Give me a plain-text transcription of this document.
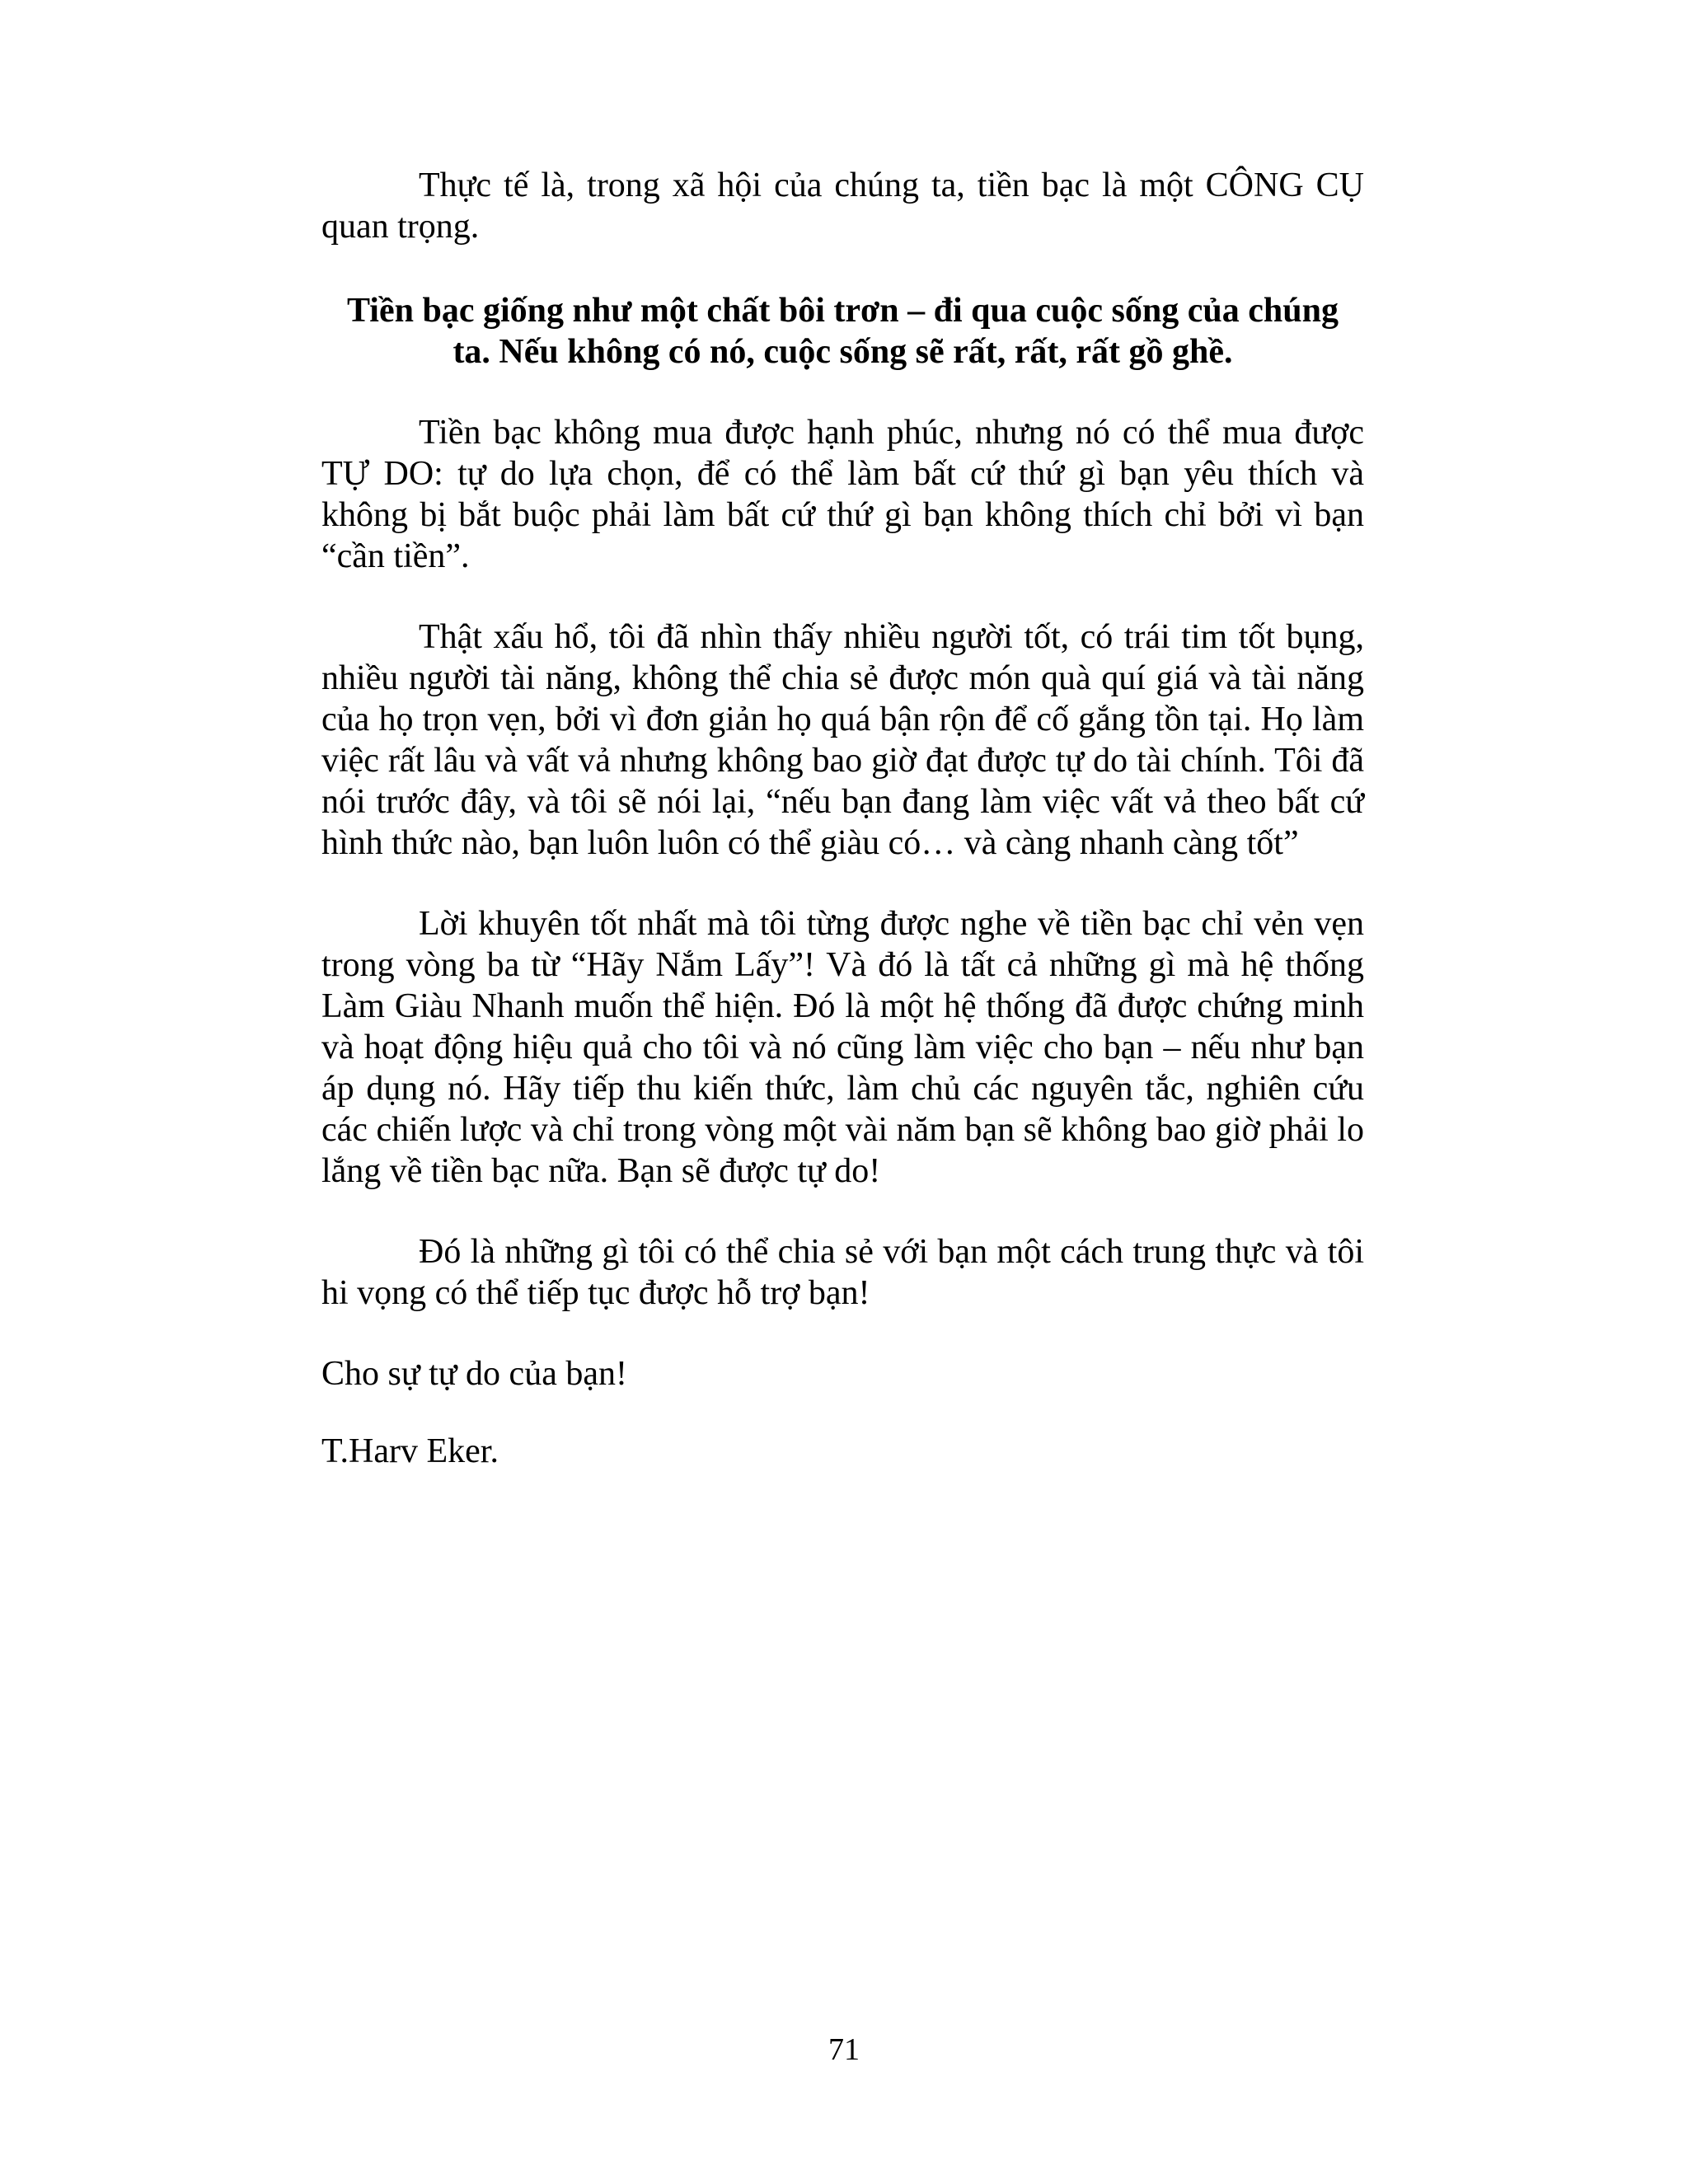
Thực tế là, trong xã hội của chúng ta, tiền bạc là một CÔNG CỤ quan trọng.

Tiền bạc giống như một chất bôi trơn – đi qua cuộc sống của chúng
ta. Nếu không có nó, cuộc sống sẽ rất, rất, rất gồ ghề.

Tiền bạc không mua được hạnh phúc, nhưng nó có thể mua được TỰ DO: tự do lựa chọn, để có thể làm bất cứ thứ gì bạn yêu thích và không bị bắt buộc phải làm bất cứ thứ gì bạn không thích chỉ bởi vì bạn “cần tiền”.

Thật xấu hổ, tôi đã nhìn thấy nhiều người tốt, có trái tim tốt bụng, nhiều người tài năng, không thể chia sẻ được món quà quí giá và tài năng của họ trọn vẹn, bởi vì đơn giản họ quá bận rộn để cố gắng tồn tại. Họ làm việc rất lâu và vất vả nhưng không bao giờ đạt được tự do tài chính. Tôi đã nói trước đây, và tôi sẽ nói lại, “nếu bạn đang làm việc vất vả theo bất cứ hình thức nào, bạn luôn luôn có thể giàu có… và càng nhanh càng tốt”

Lời khuyên tốt nhất mà tôi từng được nghe về tiền bạc chỉ vẻn vẹn trong vòng ba từ “Hãy Nắm Lấy”! Và đó là tất cả những gì mà hệ thống Làm Giàu Nhanh muốn thể hiện. Đó là một hệ thống đã được chứng minh và hoạt động hiệu quả cho tôi và nó cũng làm việc cho bạn – nếu như bạn áp dụng nó. Hãy tiếp thu kiến thức, làm chủ các nguyên tắc, nghiên cứu các chiến lược và chỉ trong vòng một vài năm bạn sẽ không bao giờ phải lo lắng về tiền bạc nữa. Bạn sẽ được tự do!

Đó là những gì tôi có thể chia sẻ với bạn một cách trung thực và tôi hi vọng có thể tiếp tục được hỗ trợ bạn!

Cho sự tự do của bạn!

T.Harv Eker.

71
